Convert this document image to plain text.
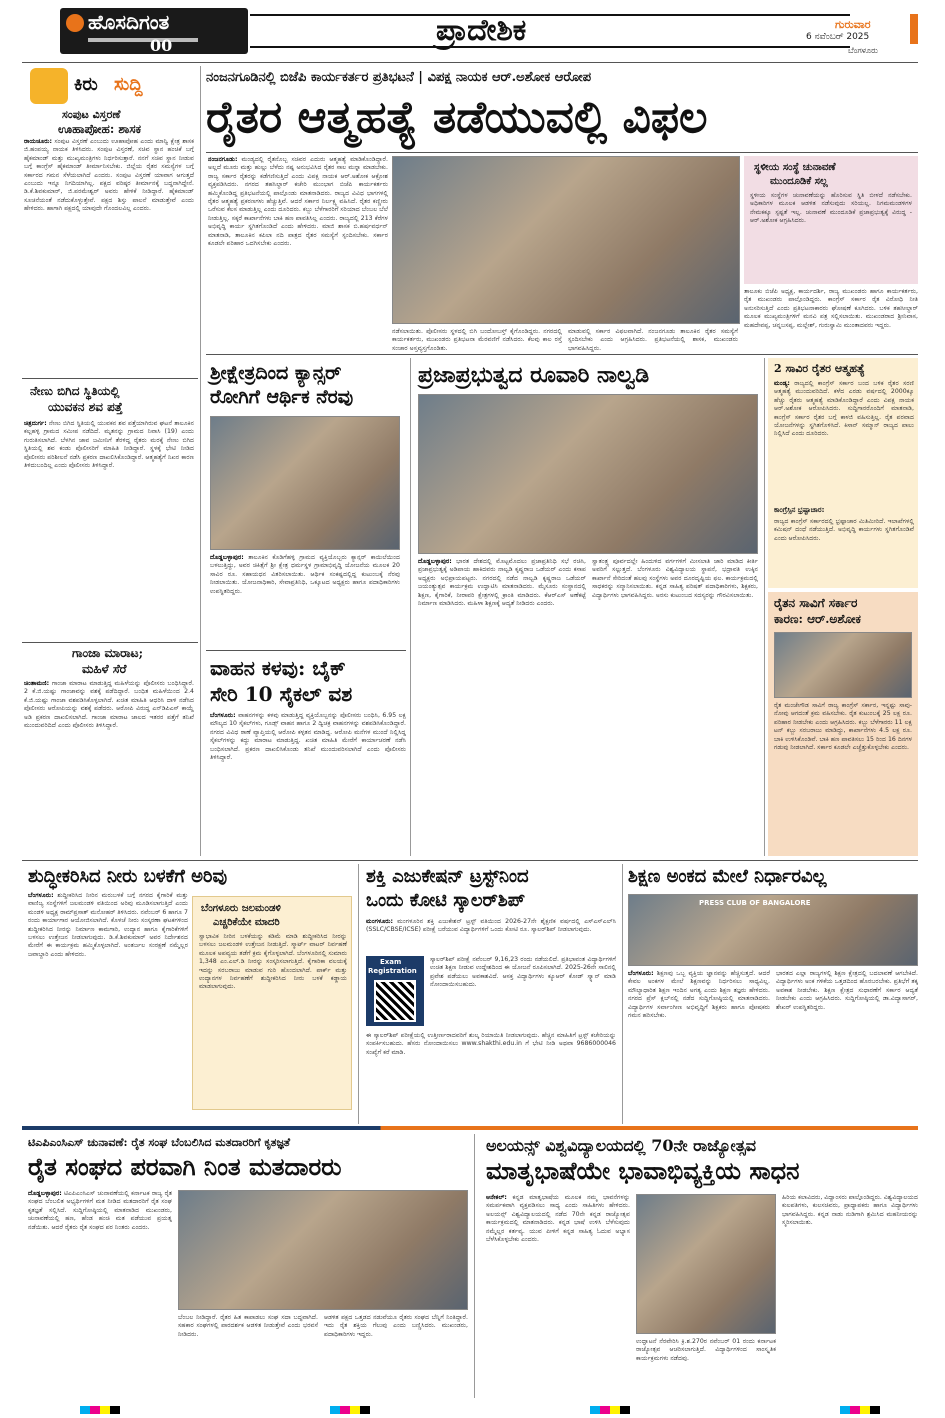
ಹೊಸದಿಗಂತ
00	ಪ್ರಾದೇಶಿಕ	ಗುರುವಾರ
6 ನವೆಂಬರ್ 2025
ಬೆಂಗಳೂರು
ಕಿರು ಸುದ್ದಿ
ಸಂಪುಟ ವಿಸ್ತರಣೆ
ಊಹಾಪೋಹ: ಶಾಸಕ
ರಾಯಚೂರು: ಸಂಪುಟ ವಿಸ್ತರಣೆ ಎಂಬುದು ಊಹಾಪೋಹ ಎಂದು ಮಾನ್ವಿ ಕ್ಷೇತ್ರ ಶಾಸಕ ಜಿ.ಹಂಪಯ್ಯ ನಾಯಕ ತಿಳಿಸಿದರು. ಸಂಪುಟ ವಿಸ್ತರಣೆ, ಸಚಿವ ಸ್ಥಾನ ಹಂಚಿಕೆ ಬಗ್ಗೆ ಹೈಕಮಾಂಡ್ ಮತ್ತು ಮುಖ್ಯಮಂತ್ರಿಗಳು ನಿರ್ಧರಿಸುತ್ತಾರೆ. ನನಗೆ ಸಚಿವ ಸ್ಥಾನ ನೀಡುವ ಬಗ್ಗೆ ಕಾಂಗ್ರೆಸ್ ಹೈಕಮಾಂಡ್ ತೀರ್ಮಾನಿಸಬೇಕು. ಜಿಲ್ಲೆಯ ರೈತರ ಸಮಸ್ಯೆಗಳ ಬಗ್ಗೆ ಸರ್ಕಾರದ ಗಮನ ಸೆಳೆಯಲಾಗಿದೆ ಎಂದರು. ಸಂಪುಟ ವಿಸ್ತರಣೆ ಯಾವಾಗ ಆಗುತ್ತದೆ ಎಂಬುದು ಇನ್ನೂ ನಿಗದಿಯಾಗಿಲ್ಲ. ಪಕ್ಷದ ವರಿಷ್ಠರ ತೀರ್ಮಾನಕ್ಕೆ ಬದ್ಧನಾಗಿದ್ದೇನೆ. ಡಿ.ಕೆ.ಶಿವಕುಮಾರ್, ಜಿ.ಪರಮೇಶ್ವರ್ ಅವರು ಹೇಳಿಕೆ ನೀಡಿದ್ದಾರೆ. ಹೈಕಮಾಂಡ್ ಸೂಚನೆಯಂತೆ ನಡೆದುಕೊಳ್ಳುತ್ತೇವೆ. ಪಕ್ಷದ ಶಿಸ್ತು ಪಾಲನೆ ಮಾಡುತ್ತೇವೆ ಎಂದು ಹೇಳಿದರು. ಹಾಗಾಗಿ ಪಕ್ಷದಲ್ಲಿ ಯಾವುದೇ ಗೊಂದಲವಿಲ್ಲ ಎಂದರು.
ನೇಣು ಬಿಗಿದ ಸ್ಥಿತಿಯಲ್ಲಿ
ಯುವಕನ ಶವ ಪತ್ತೆ
ಚಿತ್ರದುರ್ಗ: ನೇಣು ಬಿಗಿದ ಸ್ಥಿತಿಯಲ್ಲಿ ಯುವಕನ ಶವ ಪತ್ತೆಯಾಗಿರುವ ಘಟನೆ ತಾಲೂಕಿನ ಕಲ್ಲಹಳ್ಳಿ ಗ್ರಾಮದ ಸಮೀಪ ನಡೆದಿದೆ. ಮೃತನನ್ನು ಗ್ರಾಮದ ನಿವಾಸಿ (19) ಎಂದು ಗುರುತಿಸಲಾಗಿದೆ. ಬೆಳಗಿನ ಜಾವ ಜಮೀನಿಗೆ ತೆರಳಿದ್ದ ರೈತರು ಮರಕ್ಕೆ ನೇಣು ಬಿಗಿದ ಸ್ಥಿತಿಯಲ್ಲಿ ಶವ ಕಂಡು ಪೊಲೀಸರಿಗೆ ಮಾಹಿತಿ ನೀಡಿದ್ದಾರೆ. ಸ್ಥಳಕ್ಕೆ ಭೇಟಿ ನೀಡಿದ ಪೊಲೀಸರು ಪರಿಶೀಲನೆ ನಡೆಸಿ ಪ್ರಕರಣ ದಾಖಲಿಸಿಕೊಂಡಿದ್ದಾರೆ. ಆತ್ಮಹತ್ಯೆಗೆ ನಿಖರ ಕಾರಣ ತಿಳಿದುಬಂದಿಲ್ಲ ಎಂದು ಪೊಲೀಸರು ತಿಳಿಸಿದ್ದಾರೆ.
ಗಾಂಜಾ ಮಾರಾಟ;
ಮಹಿಳೆ ಸೆರೆ
ಚಿಂತಾಮಣಿ: ಗಾಂಜಾ ಮಾರಾಟ ಮಾಡುತ್ತಿದ್ದ ಮಹಿಳೆಯನ್ನು ಪೊಲೀಸರು ಬಂಧಿಸಿದ್ದಾರೆ. 2 ಕೆ.ಜಿ.ಯಷ್ಟು ಗಾಂಜಾವನ್ನು ವಶಕ್ಕೆ ಪಡೆದಿದ್ದಾರೆ. ಬಂಧಿತ ಮಹಿಳೆಯಿಂದ 2.4 ಕೆ.ಜಿ.ಯಷ್ಟು ಗಾಂಜಾ ವಶಪಡಿಸಿಕೊಳ್ಳಲಾಗಿದೆ. ಖಚಿತ ಮಾಹಿತಿ ಆಧರಿಸಿ ದಾಳಿ ನಡೆಸಿದ ಪೊಲೀಸರು ಆರೋಪಿಯನ್ನು ವಶಕ್ಕೆ ಪಡೆದರು. ಆರೋಪಿ ವಿರುದ್ಧ ಎನ್‌ಡಿಪಿಎಸ್ ಕಾಯ್ದೆ ಅಡಿ ಪ್ರಕರಣ ದಾಖಲಿಸಲಾಗಿದೆ. ಗಾಂಜಾ ಮಾರಾಟ ಜಾಲದ ಇತರರ ಪತ್ತೆಗೆ ತನಿಖೆ ಮುಂದುವರಿದಿದೆ ಎಂದು ಪೊಲೀಸರು ತಿಳಿಸಿದ್ದಾರೆ.
ನಂಜನಗೂಡಿನಲ್ಲಿ ಬಿಜೆಪಿ ಕಾರ್ಯಕರ್ತರ ಪ್ರತಿಭಟನೆ | ವಿಪಕ್ಷ ನಾಯಕ ಆರ್.ಅಶೋಕ ಆರೋಪ
ರೈತರ ಆತ್ಮಹತ್ಯೆ ತಡೆಯುವಲ್ಲಿ ವಿಫಲ
ನಂಜನಗೂಡು: ಮಂಡ್ಯದಲ್ಲಿ ರೈತನೊಬ್ಬ ಸಚಿವರ ಎದುರು ಆತ್ಮಹತ್ಯೆ ಮಾಡಿಕೊಂಡಿದ್ದಾರೆ. ಅಲ್ಲದೆ ಮೂರು ಮತ್ತು ಹುಲ್ಲು ಬೆಳೆದು ನಷ್ಟ ಅನುಭವಿಸಿದ ರೈತರ ಸಾಲ ಮನ್ನಾ ಮಾಡಬೇಕು. ರಾಜ್ಯ ಸರ್ಕಾರ ರೈತರನ್ನು ಕಡೆಗಣಿಸುತ್ತಿದೆ ಎಂದು ವಿಪಕ್ಷ ನಾಯಕ ಆರ್.ಅಶೋಕ ಆಕ್ರೋಶ ವ್ಯಕ್ತಪಡಿಸಿದರು. ನಗರದ ತಹಸಿಲ್ದಾರ್ ಕಚೇರಿ ಮುಂಭಾಗ ಬಿಜೆಪಿ ಕಾರ್ಯಕರ್ತರು ಹಮ್ಮಿಕೊಂಡಿದ್ದ ಪ್ರತಿಭಟನೆಯಲ್ಲಿ ಪಾಲ್ಗೊಂಡು ಮಾತನಾಡಿದರು. ರಾಜ್ಯದ ವಿವಿಧ ಭಾಗಗಳಲ್ಲಿ ರೈತರ ಆತ್ಮಹತ್ಯೆ ಪ್ರಕರಣಗಳು ಹೆಚ್ಚುತ್ತಿವೆ. ಆದರೆ ಸರ್ಕಾರ ನಿರ್ಲಕ್ಷ್ಯ ವಹಿಸಿದೆ. ರೈತರ ಕಣ್ಣೀರು ಒರೆಸುವ ಕೆಲಸ ಮಾಡುತ್ತಿಲ್ಲ ಎಂದು ದೂರಿದರು. ಕಬ್ಬು ಬೆಳೆಗಾರರಿಗೆ ಸರಿಯಾದ ಬೆಂಬಲ ಬೆಲೆ ನೀಡುತ್ತಿಲ್ಲ. ಸಕ್ಕರೆ ಕಾರ್ಖಾನೆಗಳು ಬಾಕಿ ಹಣ ಪಾವತಿಸಿಲ್ಲ ಎಂದರು. ರಾಜ್ಯದಲ್ಲಿ 213 ಕೆರೆಗಳ ಅಭಿವೃದ್ಧಿ ಕಾರ್ಯ ಸ್ಥಗಿತಗೊಂಡಿದೆ ಎಂದು ಹೇಳಿದರು. ಮಾಜಿ ಶಾಸಕ ಬಿ.ಹರ್ಷವರ್ಧನ್ ಮಾತನಾಡಿ, ತಾಲೂಕಿನ ಕಪಿಲಾ ನದಿ ಪಾತ್ರದ ರೈತರ ಸಮಸ್ಯೆಗೆ ಸ್ಪಂದಿಸಬೇಕು. ಸರ್ಕಾರ ಕೂಡಲೇ ಪರಿಹಾರ ಒದಗಿಸಬೇಕು ಎಂದರು.
ನಡೆಸಲಾಯಿತು. ಪೊಲೀಸರು ಸ್ಥಳದಲ್ಲಿ ಬಿಗಿ ಬಂದೋಬಸ್ತ್ ಕೈಗೊಂಡಿದ್ದರು. ನಗರದಲ್ಲಿ ಕಾರ್ಯಕರ್ತರು, ಮುಖಂಡರು ಪ್ರತಿಭಟನಾ ಮೆರವಣಿಗೆ ನಡೆಸಿದರು. ಕೆಲವು ಕಾಲ ರಸ್ತೆ ಸಂಚಾರ ಅಸ್ತವ್ಯಸ್ತಗೊಂಡಿತು.
ಮಾಡುವಲ್ಲಿ ಸರ್ಕಾರ ವಿಫಲವಾಗಿದೆ. ನಂಜನಗೂಡು ತಾಲೂಕಿನ ರೈತರ ಸಮಸ್ಯೆಗೆ ಸ್ಪಂದಿಸಬೇಕು ಎಂದು ಆಗ್ರಹಿಸಿದರು. ಪ್ರತಿಭಟನೆಯಲ್ಲಿ ಶಾಸಕ, ಮುಖಂಡರು ಭಾಗವಹಿಸಿದ್ದರು.
ಸ್ಥಳೀಯ ಸಂಸ್ಥೆ ಚುನಾವಣೆ
ಮುಂದೂಡಿಕೆ ಸಲ್ಲ
ಸ್ಥಳೀಯ ಸಂಸ್ಥೆಗಳ ಚುನಾವಣೆಯನ್ನು ಹೊರಿಸುವ ಸ್ಥಿತಿ ಬೀಳದೆ ನಡೆಸಬೇಕು. ಅಧಿಕಾರಿಗಳ ಮೂಲಕ ಆಡಳಿತ ನಡೆಸುವುದು ಸರಿಯಲ್ಲ. ನಿಗಮಮಂಡಳಿಗಳ ನೇಮಕಕ್ಕೂ ಸ್ಪಷ್ಟತೆ ಇಲ್ಲ. ಚುನಾವಣೆ ಮುಂದೂಡಿಕೆ ಪ್ರಜಾಪ್ರಭುತ್ವಕ್ಕೆ ವಿರುದ್ಧ - ಆರ್.ಅಶೋಕ ಆಗ್ರಹಿಸಿದರು.
ತಾಲೂಕು ಬಿಜೆಪಿ ಅಧ್ಯಕ್ಷ, ಕಾರ್ಯದರ್ಶಿ, ರಾಜ್ಯ ಮುಖಂಡರು ಹಾಗೂ ಕಾರ್ಯಕರ್ತರು, ರೈತ ಮುಖಂಡರು ಪಾಲ್ಗೊಂಡಿದ್ದರು. ಕಾಂಗ್ರೆಸ್ ಸರ್ಕಾರ ರೈತ ವಿರೋಧಿ ನೀತಿ ಅನುಸರಿಸುತ್ತಿದೆ ಎಂದು ಪ್ರತಿಭಟನಾಕಾರರು ಘೋಷಣೆ ಕೂಗಿದರು. ಬಳಿಕ ತಹಸೀಲ್ದಾರ್ ಮೂಲಕ ಮುಖ್ಯಮಂತ್ರಿಗಳಿಗೆ ಮನವಿ ಪತ್ರ ಸಲ್ಲಿಸಲಾಯಿತು. ಮುಖಂಡರಾದ ಶ್ರೀನಿವಾಸ, ಮಹದೇವಪ್ಪ, ಚನ್ನಬಸಪ್ಪ, ಮಲ್ಲೇಶ್, ಗುರುಸ್ವಾಮಿ ಮುಂತಾದವರು ಇದ್ದರು.
ಶ್ರೀಕ್ಷೇತ್ರದಿಂದ ಕ್ಯಾನ್ಸರ್
ರೋಗಿಗೆ ಆರ್ಥಿಕ ನೆರವು
ದೊಡ್ಡಬಳ್ಳಾಪುರ: ತಾಲೂಕಿನ ಕೊಡಿಗೆಹಳ್ಳಿ ಗ್ರಾಮದ ವ್ಯಕ್ತಿಯೊಬ್ಬರು ಕ್ಯಾನ್ಸರ್ ಕಾಯಿಲೆಯಿಂದ ಬಳಲುತ್ತಿದ್ದು, ಅವರ ಚಿಕಿತ್ಸೆಗೆ ಶ್ರೀ ಕ್ಷೇತ್ರ ಧರ್ಮಸ್ಥಳ ಗ್ರಾಮಾಭಿವೃದ್ಧಿ ಯೋಜನೆಯ ಮೂಲಕ 20 ಸಾವಿರ ರೂ. ಸಹಾಯಧನ ವಿತರಿಸಲಾಯಿತು. ಆರ್ಥಿಕ ಸಂಕಷ್ಟದಲ್ಲಿದ್ದ ಕುಟುಂಬಕ್ಕೆ ನೆರವು ನೀಡಲಾಯಿತು. ಯೋಜನಾಧಿಕಾರಿ, ಸೇವಾಪ್ರತಿನಿಧಿ, ಒಕ್ಕೂಟದ ಅಧ್ಯಕ್ಷರು ಹಾಗೂ ಪದಾಧಿಕಾರಿಗಳು ಉಪಸ್ಥಿತರಿದ್ದರು.
ವಾಹನ ಕಳವು: ಬೈಕ್
ಸೇರಿ 10 ಸೈಕಲ್ ವಶ
ಬೆಂಗಳೂರು: ವಾಹನಗಳನ್ನು ಕಳವು ಮಾಡುತ್ತಿದ್ದ ವ್ಯಕ್ತಿಯೊಬ್ಬನನ್ನು ಪೊಲೀಸರು ಬಂಧಿಸಿ, 6.95 ಲಕ್ಷ ಮೌಲ್ಯದ 10 ಸೈಕಲ್‌ಗಳು, ಗೂಡ್ಸ್ ವಾಹನ ಹಾಗೂ 2 ದ್ವಿಚಕ್ರ ವಾಹನಗಳನ್ನು ವಶಪಡಿಸಿಕೊಂಡಿದ್ದಾರೆ. ನಗರದ ವಿವಿಧ ಠಾಣೆ ವ್ಯಾಪ್ತಿಯಲ್ಲಿ ಆರೋಪಿ ಕಳ್ಳತನ ಮಾಡಿದ್ದ. ಆರೋಪಿ ಮನೆಗಳ ಮುಂದೆ ನಿಲ್ಲಿಸಿದ್ದ ಸೈಕಲ್‌ಗಳನ್ನು ಕದ್ದು ಮಾರಾಟ ಮಾಡುತ್ತಿದ್ದ. ಖಚಿತ ಮಾಹಿತಿ ಮೇರೆಗೆ ಕಾರ್ಯಾಚರಣೆ ನಡೆಸಿ ಬಂಧಿಸಲಾಗಿದೆ. ಪ್ರಕರಣ ದಾಖಲಿಸಿಕೊಂಡು ತನಿಖೆ ಮುಂದುವರಿಸಲಾಗಿದೆ ಎಂದು ಪೊಲೀಸರು ತಿಳಿಸಿದ್ದಾರೆ.
ಪ್ರಜಾಪ್ರಭುತ್ವದ ರೂವಾರಿ ನಾಲ್ವಡಿ
ದೊಡ್ಡಬಳ್ಳಾಪುರ: ಭಾರತ ದೇಶದಲ್ಲಿ ಮೊಟ್ಟಮೊದಲು ಪ್ರಜಾಪ್ರತಿನಿಧಿ ಸಭೆ ರಚಿಸಿ, ಪ್ರಜಾಪ್ರಭುತ್ವಕ್ಕೆ ಅಡಿಪಾಯ ಹಾಕಿದವರು ನಾಲ್ವಡಿ ಕೃಷ್ಣರಾಜ ಒಡೆಯರ್ ಎಂದು ಕಸಾಪ ಅಧ್ಯಕ್ಷರು ಅಭಿಪ್ರಾಯಪಟ್ಟರು. ನಗರದಲ್ಲಿ ನಡೆದ ನಾಲ್ವಡಿ ಕೃಷ್ಣರಾಜ ಒಡೆಯರ್ ಜಯಂತ್ಯುತ್ಸವ ಕಾರ್ಯಕ್ರಮ ಉದ್ಘಾಟಿಸಿ ಮಾತನಾಡಿದರು. ಮೈಸೂರು ಸಂಸ್ಥಾನದಲ್ಲಿ ಶಿಕ್ಷಣ, ಕೈಗಾರಿಕೆ, ನೀರಾವರಿ ಕ್ಷೇತ್ರಗಳಲ್ಲಿ ಕ್ರಾಂತಿ ಮಾಡಿದರು. ಕೆಆರ್‌ಎಸ್ ಅಣೆಕಟ್ಟೆ ನಿರ್ಮಾಣ ಮಾಡಿಸಿದರು. ಮಹಿಳಾ ಶಿಕ್ಷಣಕ್ಕೆ ಆದ್ಯತೆ ನೀಡಿದರು ಎಂದರು.
ಸ್ವಾತಂತ್ರ್ಯ ಪೂರ್ವದಲ್ಲೇ ಹಿಂದುಳಿದ ವರ್ಗಗಳಿಗೆ ಮೀಸಲಾತಿ ಜಾರಿ ಮಾಡಿದ ಕೀರ್ತಿ ಅವರಿಗೆ ಸಲ್ಲುತ್ತದೆ. ಬೆಂಗಳೂರು ವಿಶ್ವವಿದ್ಯಾಲಯ ಸ್ಥಾಪನೆ, ಭದ್ರಾವತಿ ಉಕ್ಕಿನ ಕಾರ್ಖಾನೆ ಸೇರಿದಂತೆ ಹಲವು ಸಂಸ್ಥೆಗಳು ಅವರ ದೂರದೃಷ್ಟಿಯ ಫಲ. ಕಾರ್ಯಕ್ರಮದಲ್ಲಿ ಸಾಧಕರನ್ನು ಸನ್ಮಾನಿಸಲಾಯಿತು. ಕನ್ನಡ ಸಾಹಿತ್ಯ ಪರಿಷತ್ ಪದಾಧಿಕಾರಿಗಳು, ಶಿಕ್ಷಕರು, ವಿದ್ಯಾರ್ಥಿಗಳು ಭಾಗವಹಿಸಿದ್ದರು. ಅರಸು ಕುಟುಂಬದ ಸದಸ್ಯರನ್ನು ಗೌರವಿಸಲಾಯಿತು.
2 ಸಾವಿರ ರೈತರ ಆತ್ಮಹತ್ಯೆ
ಮಂಡ್ಯ: ರಾಜ್ಯದಲ್ಲಿ ಕಾಂಗ್ರೆಸ್ ಸರ್ಕಾರ ಬಂದ ಬಳಿಕ ರೈತರ ಸರಣಿ ಆತ್ಮಹತ್ಯೆ ಮುಂದುವರಿದಿದೆ. ಕಳೆದ ಎರಡು ವರ್ಷದಲ್ಲಿ 2000ಕ್ಕೂ ಹೆಚ್ಚು ರೈತರು ಆತ್ಮಹತ್ಯೆ ಮಾಡಿಕೊಂಡಿದ್ದಾರೆ ಎಂದು ವಿಪಕ್ಷ ನಾಯಕ ಆರ್.ಅಶೋಕ ಆರೋಪಿಸಿದರು. ಸುದ್ದಿಗಾರರೊಂದಿಗೆ ಮಾತನಾಡಿ, ಕಾಂಗ್ರೆಸ್ ಸರ್ಕಾರ ರೈತರ ಬಗ್ಗೆ ಕಾಳಜಿ ವಹಿಸುತ್ತಿಲ್ಲ. ರೈತ ಪರವಾದ ಯೋಜನೆಗಳನ್ನು ಸ್ಥಗಿತಗೊಳಿಸಿದೆ. ಕಿಸಾನ್ ಸಮ್ಮಾನ್ ರಾಜ್ಯದ ಪಾಲು ನಿಲ್ಲಿಸಿದೆ ಎಂದು ದೂರಿದರು.
ಕಾಂಗ್ರೆಸ್ಸಿನ ಭ್ರಷ್ಟಾಚಾರ:
ರಾಜ್ಯದ ಕಾಂಗ್ರೆಸ್ ಸರ್ಕಾರದಲ್ಲಿ ಭ್ರಷ್ಟಾಚಾರ ಮಿತಿಮೀರಿದೆ. ಇಲಾಖೆಗಳಲ್ಲಿ ಕಮಿಷನ್ ದಂಧೆ ನಡೆಯುತ್ತಿದೆ. ಅಭಿವೃದ್ಧಿ ಕಾರ್ಯಗಳು ಸ್ಥಗಿತಗೊಂಡಿವೆ ಎಂದು ಆರೋಪಿಸಿದರು.
ರೈತನ ಸಾವಿಗೆ ಸರ್ಕಾರ
ಕಾರಣ: ಆರ್.ಅಶೋಕ
ರೈತ ಮಂಜೇಗೌಡ ಸಾವಿಗೆ ರಾಜ್ಯ ಕಾಂಗ್ರೆಸ್ ಸರ್ಕಾರ, ಇನ್ನಷ್ಟು ಸಾವು-ನೋವು ಆಗದಂತೆ ಕ್ರಮ ವಹಿಸಬೇಕು. ರೈತ ಕುಟುಂಬಕ್ಕೆ 25 ಲಕ್ಷ ರೂ. ಪರಿಹಾರ ನೀಡಬೇಕು ಎಂದು ಆಗ್ರಹಿಸಿದರು. ಕಬ್ಬು ಬೆಳೆಗಾರರು 11 ಲಕ್ಷ ಟನ್ ಕಬ್ಬು ಸರಬರಾಜು ಮಾಡಿದ್ದು, ಕಾರ್ಖಾನೆಗಳು 4.5 ಲಕ್ಷ ರೂ. ಬಾಕಿ ಉಳಿಸಿಕೊಂಡಿವೆ. ಬಾಕಿ ಹಣ ಪಾವತಿಸಲು 15 ರಿಂದ 16 ದಿನಗಳ ಗಡುವು ನೀಡಲಾಗಿದೆ. ಸರ್ಕಾರ ಕೂಡಲೇ ಎಚ್ಚೆತ್ತುಕೊಳ್ಳಬೇಕು ಎಂದರು.
ಶುದ್ಧೀಕರಿಸಿದ ನೀರು ಬಳಕೆಗೆ ಅರಿವು
ಬೆಂಗಳೂರು: ಶುದ್ಧೀಕರಿಸಿದ ನೀರಿನ ಮರುಬಳಕೆ ಬಗ್ಗೆ ನಗರದ ಕೈಗಾರಿಕೆ ಮತ್ತು ವಾಣಿಜ್ಯ ಸಂಸ್ಥೆಗಳಿಗೆ ಜಲಮಂಡಳಿ ವತಿಯಿಂದ ಅರಿವು ಮೂಡಿಸಲಾಗುತ್ತಿದೆ ಎಂದು ಮಂಡಳಿ ಅಧ್ಯಕ್ಷ ರಾಮ್‌ಪ್ರಸಾತ್ ಮನೋಹರ್ ತಿಳಿಸಿದರು. ನವೆಂಬರ್ 6 ಹಾಗೂ 7 ರಂದು ಕಾರ್ಯಾಗಾರ ಆಯೋಜಿಸಲಾಗಿದೆ. ಕೊಳಚೆ ನೀರು ಸಂಸ್ಕರಣಾ ಘಟಕಗಳಿಂದ ಶುದ್ಧೀಕರಿಸಿದ ನೀರನ್ನು ನಿರ್ಮಾಣ ಕಾಮಗಾರಿ, ಉದ್ಯಾನ ಹಾಗೂ ಕೈಗಾರಿಕೆಗಳಿಗೆ ಬಳಸಲು ಉತ್ತೇಜನ ನೀಡಲಾಗುವುದು. ಡಿ.ಕೆ.ಶಿವಕುಮಾರ್ ಅವರ ನಿರ್ದೇಶನದ ಮೇರೆಗೆ ಈ ಕಾರ್ಯಕ್ರಮ ಹಮ್ಮಿಕೊಳ್ಳಲಾಗಿದೆ. ಅಂತರ್ಜಲ ಸಂರಕ್ಷಣೆ ನಮ್ಮೆಲ್ಲರ ಜವಾಬ್ದಾರಿ ಎಂದು ಹೇಳಿದರು.
ಬೆಂಗಳೂರು ಜಲಮಂಡಳಿ
ಎಚ್ಚರಿಕೆಯೇ ಮಾದರಿ
ಸ್ವಾಭಾವಿಕ ನೀರಿನ ಬಳಕೆಯನ್ನು ಕಡಿಮೆ ಮಾಡಿ ಶುದ್ಧೀಕರಿಸಿದ ನೀರನ್ನು ಬಳಸಲು ಜಲಮಂಡಳಿ ಉತ್ತೇಜನ ನೀಡುತ್ತಿದೆ. ಸ್ಮಾರ್ಟ್ ವಾಟರ್ ನಿರ್ವಹಣೆ ಮೂಲಕ ಅಪವ್ಯಯ ತಡೆಗೆ ಕ್ರಮ ಕೈಗೊಳ್ಳಲಾಗಿದೆ. ಬೆಂಗಳೂರಿನಲ್ಲಿ ಸುಮಾರು 1,348 ಎಂ.ಎಲ್.ಡಿ ನೀರನ್ನು ಸಂಸ್ಕರಿಸಲಾಗುತ್ತಿದೆ. ಕೈಗಾರಿಕಾ ವಲಯಕ್ಕೆ ಇದನ್ನು ಸರಬರಾಜು ಮಾಡುವ ಗುರಿ ಹೊಂದಲಾಗಿದೆ. ಪಾರ್ಕ್ ಮತ್ತು ಉದ್ಯಾನಗಳ ನಿರ್ವಹಣೆಗೆ ಶುದ್ಧೀಕರಿಸಿದ ನೀರು ಬಳಕೆ ಕಡ್ಡಾಯ ಮಾಡಲಾಗುವುದು.
ಶಕ್ತಿ ಎಜುಕೇಷನ್ ಟ್ರಸ್ಟ್‌ನಿಂದ
ಒಂದು ಕೋಟಿ ಸ್ಕಾಲರ್‌ಶಿಪ್
ಮಂಗಳೂರು: ಮಂಗಳೂರಿನ ಶಕ್ತಿ ಎಜುಕೇಶನ್ ಟ್ರಸ್ಟ್ ವತಿಯಿಂದ 2026-27ನೇ ಶೈಕ್ಷಣಿಕ ವರ್ಷದಲ್ಲಿ ಎಸ್‌ಎಸ್‌ಎಲ್‌ಸಿ (SSLC/CBSE/ICSE) ಪರೀಕ್ಷೆ ಬರೆಯುವ ವಿದ್ಯಾರ್ಥಿಗಳಿಗೆ ಒಂದು ಕೋಟಿ ರೂ. ಸ್ಕಾಲರ್‌ಶಿಪ್ ನೀಡಲಾಗುವುದು.
Exam
Registration
ಸ್ಕಾಲರ್‌ಶಿಪ್ ಪರೀಕ್ಷೆ ನವೆಂಬರ್ 9,16,23 ರಂದು ನಡೆಯಲಿದೆ. ಪ್ರತಿಭಾವಂತ ವಿದ್ಯಾರ್ಥಿಗಳಿಗೆ ಉಚಿತ ಶಿಕ್ಷಣ ನೀಡುವ ಉದ್ದೇಶದಿಂದ ಈ ಯೋಜನೆ ರೂಪಿಸಲಾಗಿದೆ. 2025-26ನೇ ಸಾಲಿನಲ್ಲಿ ಪ್ರವೇಶ ಪಡೆಯಲು ಅವಕಾಶವಿದೆ. ಆಸಕ್ತ ವಿದ್ಯಾರ್ಥಿಗಳು ಕ್ಯೂಆರ್ ಕೋಡ್ ಸ್ಕ್ಯಾನ್ ಮಾಡಿ ನೋಂದಾಯಿಸಬಹುದು.
ಈ ಸ್ಕಾಲರ್‌ಶಿಪ್ ಪರೀಕ್ಷೆಯಲ್ಲಿ ಉತ್ತೀರ್ಣರಾದವರಿಗೆ ಶುಲ್ಕ ರಿಯಾಯಿತಿ ನೀಡಲಾಗುವುದು. ಹೆಚ್ಚಿನ ಮಾಹಿತಿಗೆ ಟ್ರಸ್ಟ್ ಕಚೇರಿಯನ್ನು ಸಂಪರ್ಕಿಸಬಹುದು. ಹೆಸರು ನೋಂದಾಯಿಸಲು www.shakthi.edu.in ಗೆ ಭೇಟಿ ನೀಡಿ ಅಥವಾ 9686000046 ಸಂಖ್ಯೆಗೆ ಕರೆ ಮಾಡಿ.
ಶಿಕ್ಷಣ ಅಂಕದ ಮೇಲೆ ನಿರ್ಧಾರವಿಲ್ಲ
PRESS CLUB OF BANGALORE
ಬೆಂಗಳೂರು: ಶಿಕ್ಷಣವು ಒಬ್ಬ ವ್ಯಕ್ತಿಯ ಜ್ಞಾನವನ್ನು ಹೆಚ್ಚಿಸುತ್ತದೆ. ಆದರೆ ಕೇವಲ ಅಂಕಗಳ ಮೇಲೆ ಶಿಕ್ಷಣವನ್ನು ನಿರ್ಧರಿಸಲು ಸಾಧ್ಯವಿಲ್ಲ. ಮೌಲ್ಯಾಧಾರಿತ ಶಿಕ್ಷಣ ಇಂದಿನ ಅಗತ್ಯ ಎಂದು ಶಿಕ್ಷಣ ತಜ್ಞರು ಹೇಳಿದರು. ನಗರದ ಪ್ರೆಸ್ ಕ್ಲಬ್‌ನಲ್ಲಿ ನಡೆದ ಸುದ್ದಿಗೋಷ್ಠಿಯಲ್ಲಿ ಮಾತನಾಡಿದರು. ವಿದ್ಯಾರ್ಥಿಗಳ ಸರ್ವಾಂಗೀಣ ಅಭಿವೃದ್ಧಿಗೆ ಶಿಕ್ಷಕರು ಹಾಗೂ ಪೋಷಕರು ಗಮನ ಹರಿಸಬೇಕು.
ಭಾರತದ ಎಲ್ಲಾ ರಾಜ್ಯಗಳಲ್ಲಿ ಶಿಕ್ಷಣ ಕ್ಷೇತ್ರದಲ್ಲಿ ಬದಲಾವಣೆ ಆಗಬೇಕಿದೆ. ವಿದ್ಯಾರ್ಥಿಗಳು ಅಂಕ ಗಳಿಕೆಯ ಒತ್ತಡದಿಂದ ಹೊರಬರಬೇಕು. ಪ್ರತಿಭೆಗೆ ತಕ್ಕ ಅವಕಾಶ ನೀಡಬೇಕು. ಶಿಕ್ಷಣ ಕ್ಷೇತ್ರದ ಸುಧಾರಣೆಗೆ ಸರ್ಕಾರ ಆದ್ಯತೆ ನೀಡಬೇಕು ಎಂದು ಆಗ್ರಹಿಸಿದರು. ಸುದ್ದಿಗೋಷ್ಠಿಯಲ್ಲಿ ಡಾ.ವಿದ್ಯಾಸಾಗರ್, ಶೇಖರ್ ಉಪಸ್ಥಿತರಿದ್ದರು.
ಟಿಎಪಿಎಂಸಿಎಸ್ ಚುನಾವಣೆ: ರೈತ ಸಂಘ ಬೆಂಬಲಿಸಿದ ಮತದಾರರಿಗೆ ಕೃತಜ್ಞತೆ
ರೈತ ಸಂಘದ ಪರವಾಗಿ ನಿಂತ ಮತದಾರರು
ದೊಡ್ಡಬಳ್ಳಾಪುರ: ಟಿಎಪಿಎಂಸಿಎಸ್ ಚುನಾವಣೆಯಲ್ಲಿ ಕರ್ನಾಟಕ ರಾಜ್ಯ ರೈತ ಸಂಘದ ಬೆಂಬಲಿತ ಅಭ್ಯರ್ಥಿಗಳಿಗೆ ಮತ ನೀಡಿದ ಮತದಾರರಿಗೆ ರೈತ ಸಂಘ ಕೃತಜ್ಞತೆ ಸಲ್ಲಿಸಿದೆ. ಸುದ್ದಿಗೋಷ್ಠಿಯಲ್ಲಿ ಮಾತನಾಡಿದ ಮುಖಂಡರು, ಚುನಾವಣೆಯಲ್ಲಿ ಹಣ, ಹೆಂಡ ಹಂಚಿ ಮತ ಪಡೆಯುವ ಪ್ರಯತ್ನ ನಡೆಯಿತು. ಆದರೆ ರೈತರು ರೈತ ಸಂಘದ ಪರ ನಿಂತರು ಎಂದರು.
ಬೆಂಬಲ ನೀಡಿದ್ದಾರೆ. ರೈತರ ಹಿತ ಕಾಪಾಡಲು ಸಂಘ ಸದಾ ಬದ್ಧವಾಗಿದೆ. ಸಹಕಾರ ಸಂಘಗಳಲ್ಲಿ ಪಾರದರ್ಶಕ ಆಡಳಿತ ನೀಡುತ್ತೇವೆ ಎಂದು ಭರವಸೆ ನೀಡಿದರು.
ಆಡಳಿತ ಪಕ್ಷದ ಒತ್ತಡದ ನಡುವೆಯೂ ರೈತರು ಸಂಘದ ಬೆನ್ನಿಗೆ ನಿಂತಿದ್ದಾರೆ. ಇದು ರೈತ ಶಕ್ತಿಯ ಗೆಲುವು ಎಂದು ಬಣ್ಣಿಸಿದರು. ಮುಖಂಡರು, ಪದಾಧಿಕಾರಿಗಳು ಇದ್ದರು.
ಅಲಯನ್ಸ್ ವಿಶ್ವವಿದ್ಯಾಲಯದಲ್ಲಿ 70ನೇ ರಾಜ್ಯೋತ್ಸವ
ಮಾತೃಭಾಷೆಯೇ ಭಾವಾಭಿವ್ಯಕ್ತಿಯ ಸಾಧನ
ಆನೇಕಲ್: ಕನ್ನಡ ಮಾತೃಭಾಷೆಯ ಮೂಲಕ ನಮ್ಮ ಭಾವನೆಗಳನ್ನು ಸಮರ್ಪಕವಾಗಿ ವ್ಯಕ್ತಪಡಿಸಲು ಸಾಧ್ಯ ಎಂದು ಸಾಹಿತಿಗಳು ಹೇಳಿದರು. ಅಲಯನ್ಸ್ ವಿಶ್ವವಿದ್ಯಾಲಯದಲ್ಲಿ ನಡೆದ 70ನೇ ಕನ್ನಡ ರಾಜ್ಯೋತ್ಸವ ಕಾರ್ಯಕ್ರಮದಲ್ಲಿ ಮಾತನಾಡಿದರು. ಕನ್ನಡ ಭಾಷೆ ಉಳಿಸಿ ಬೆಳೆಸುವುದು ನಮ್ಮೆಲ್ಲರ ಕರ್ತವ್ಯ. ಯುವ ಪೀಳಿಗೆ ಕನ್ನಡ ಸಾಹಿತ್ಯ ಓದುವ ಅಭ್ಯಾಸ ಬೆಳೆಸಿಕೊಳ್ಳಬೇಕು ಎಂದರು.
ಉದ್ಘಾಟನೆ ನೆರವೇರಿಸಿ ಕ್ರಿ.ಶ.270ರ ನವೆಂಬರ್ 01 ರಂದು ಕರ್ನಾಟಕ ರಾಜ್ಯೋತ್ಸವ ಆಚರಿಸಲಾಗುತ್ತಿದೆ. ವಿದ್ಯಾರ್ಥಿಗಳಿಂದ ಸಾಂಸ್ಕೃತಿಕ ಕಾರ್ಯಕ್ರಮಗಳು ನಡೆದವು.
ಹಿರಿಯ ಕಲಾವಿದರು, ವಿದ್ವಾಂಸರು ಪಾಲ್ಗೊಂಡಿದ್ದರು. ವಿಶ್ವವಿದ್ಯಾಲಯದ ಕುಲಪತಿಗಳು, ಕುಲಸಚಿವರು, ಪ್ರಾಧ್ಯಾಪಕರು ಹಾಗೂ ವಿದ್ಯಾರ್ಥಿಗಳು ಭಾಗವಹಿಸಿದ್ದರು. ಕನ್ನಡ ನಾಡು ನುಡಿಗಾಗಿ ಶ್ರಮಿಸಿದ ಮಹನೀಯರನ್ನು ಸ್ಮರಿಸಲಾಯಿತು.
